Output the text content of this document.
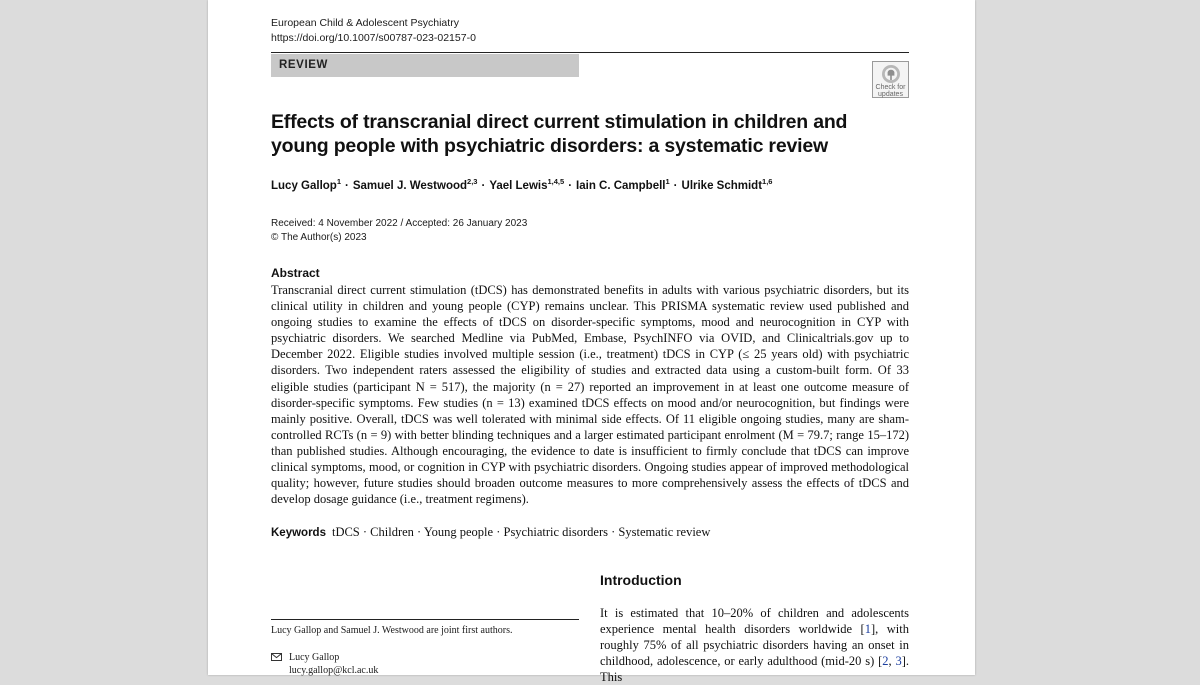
European Child & Adolescent Psychiatry
https://doi.org/10.1007/s00787-023-02157-0
REVIEW
Check for
updates
Effects of transcranial direct current stimulation in children and young people with psychiatric disorders: a systematic review
Lucy Gallop$^1$ · Samuel J. Westwood$^{2,3}$ · Yael Lewis$^{1,4,5}$ · Iain C. Campbell$^1$ · Ulrike Schmidt$^{1,6}$
Received: 4 November 2022 / Accepted: 26 January 2023
© The Author(s) 2023
Abstract

Transcranial direct current stimulation (tDCS) has demonstrated benefits in adults with various psychiatric disorders, but its clinical utility in children and young people (CYP) remains unclear. This PRISMA systematic review used published and ongoing studies to examine the effects of tDCS on disorder-specific symptoms, mood and neurocognition in CYP with psychiatric disorders. We searched Medline via PubMed, Embase, PsychINFO via OVID, and Clinicaltrials.gov up to December 2022. Eligible studies involved multiple session (i.e., treatment) tDCS in CYP (≤ 25 years old) with psychiatric disorders. Two independent raters assessed the eligibility of studies and extracted data using a custom-built form. Of 33 eligible studies (participant N = 517), the majority (n = 27) reported an improvement in at least one outcome measure of disorder-specific symptoms. Few studies (n = 13) examined tDCS effects on mood and/or neurocognition, but findings were mainly positive. Overall, tDCS was well tolerated with minimal side effects. Of 11 eligible ongoing studies, many are sham-controlled RCTs (n = 9) with better blinding techniques and a larger estimated participant enrolment (M = 79.7; range 15–172) than published studies. Although encouraging, the evidence to date is insufficient to firmly conclude that tDCS can improve clinical symptoms, mood, or cognition in CYP with psychiatric disorders. Ongoing studies appear of improved methodological quality; however, future studies should broaden outcome measures to more comprehensively assess the effects of tDCS and develop dosage guidance (i.e., treatment regimens).

Keywords tDCS · Children · Young people · Psychiatric disorders · Systematic review
Introduction

It is estimated that 10–20% of children and adolescents experience mental health disorders worldwide [1], with roughly 75% of all psychiatric disorders having an onset in childhood, adolescence, or early adulthood (mid-20 s) [2, 3]. This

Lucy Gallop and Samuel J. Westwood are joint first authors.
Lucy Gallop
lucy.gallop@kcl.ac.uk
